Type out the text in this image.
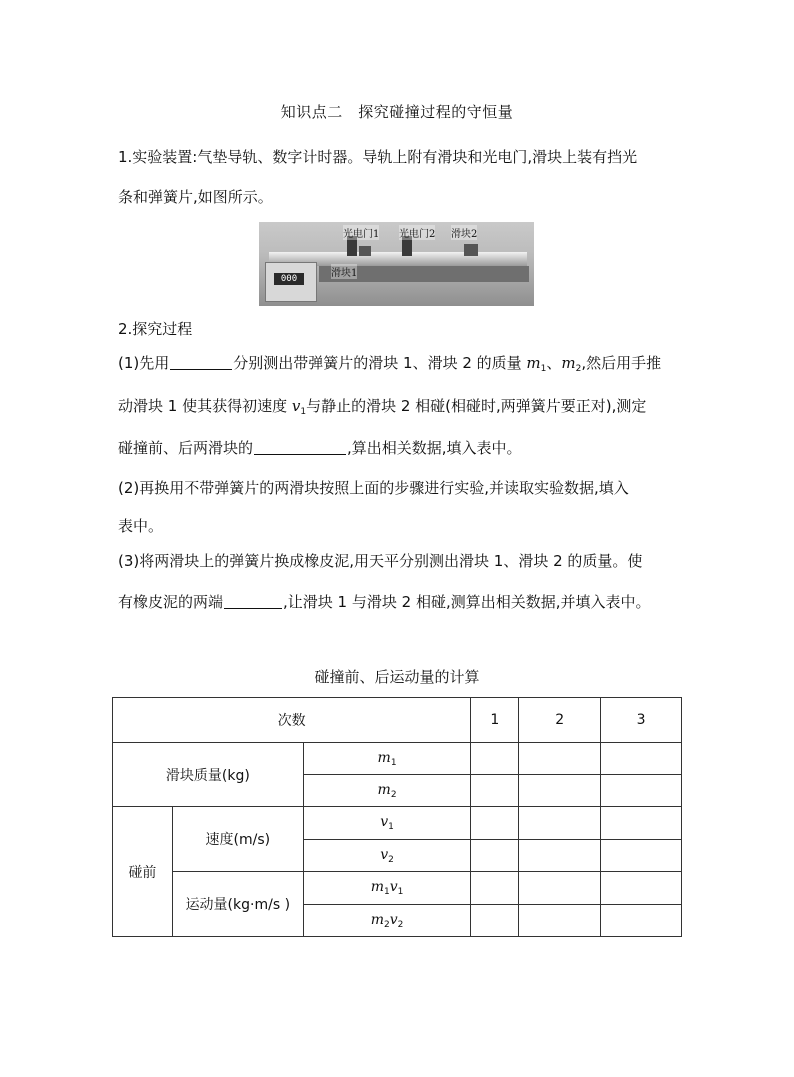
知识点二　探究碰撞过程的守恒量
1.实验装置:气垫导轨、数字计时器。导轨上附有滑块和光电门,滑块上装有挡光
条和弹簧片,如图所示。
000
光电门1 光电门2 滑块2
滑块1
2.探究过程
(1)先用	分别测出带弹簧片的滑块 1、滑块 2 的质量 $m_1$、$m_2$,然后用手推
动滑块 1 使其获得初速度 $v_1$与静止的滑块 2 相碰(相碰时,两弹簧片要正对),测定
碰撞前、后两滑块的	,算出相关数据,填入表中。
(2)再换用不带弹簧片的两滑块按照上面的步骤进行实验,并读取实验数据,填入
表中。
(3)将两滑块上的弹簧片换成橡皮泥,用天平分别测出滑块 1、滑块 2 的质量。使
有橡皮泥的两端	,让滑块 1 与滑块 2 相碰,测算出相关数据,并填入表中。
碰撞前、后运动量的计算
次数			1	2	3
滑块质量(kg)		$m_1$			
		$m_2$			
碰前	速度(m/s)	$v_1$			
		$v_2$			
	运动量(kg·m/s )	$m_1v_1$			
		$m_2v_2$			
